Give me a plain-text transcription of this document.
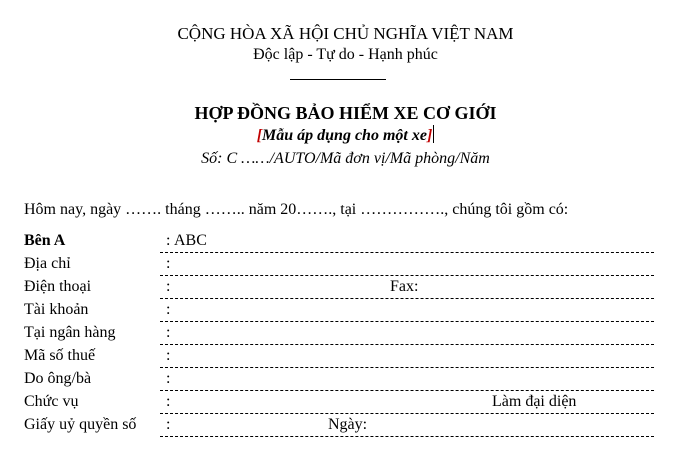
CỘNG HÒA XÃ HỘI CHỦ NGHĨA VIỆT NAM
Độc lập - Tự do - Hạnh phúc
HỢP ĐỒNG BẢO HIỂM XE CƠ GIỚI
[Mẫu áp dụng cho một xe]
Số: C ……/AUTO/Mã đơn vị/Mã phòng/Năm
Hôm nay, ngày ……. tháng …….. năm 20……., tại ……………., chúng tôi gồm có:
Bên A	: ABC
Địa chỉ	:
Điện thoại	:	Fax:
Tài khoản	:
Tại ngân hàng	:
Mã số thuế	:
Do ông/bà	:
Chức vụ	:	Làm đại diện
Giấy uỷ quyền số :	Ngày:
